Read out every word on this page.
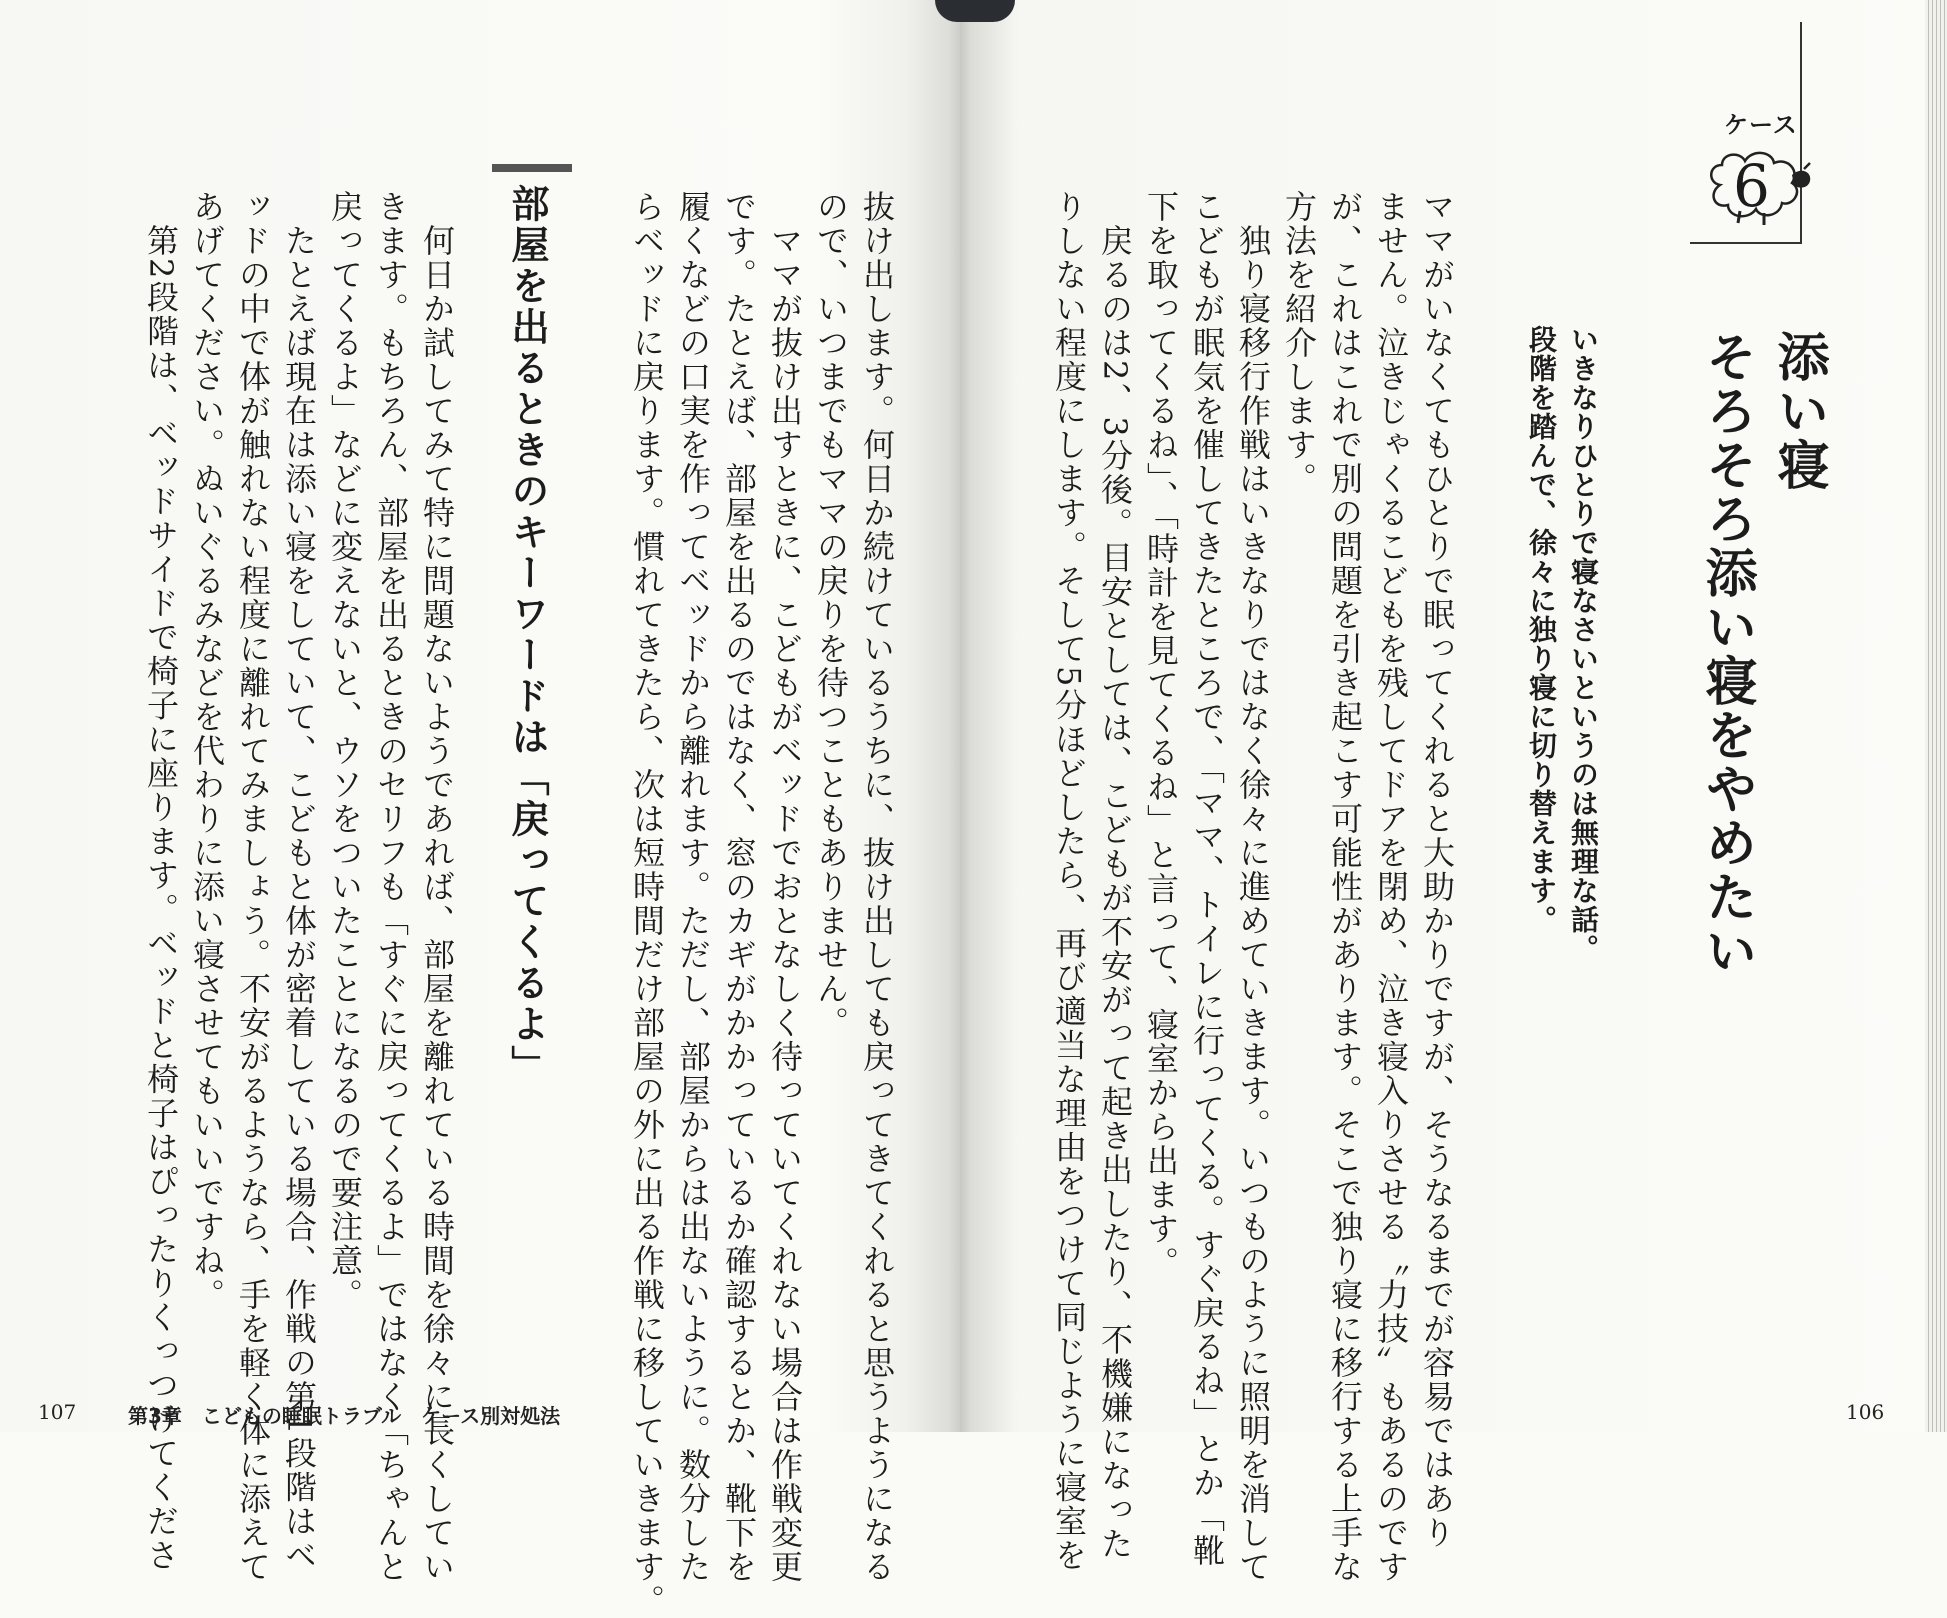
ケース
6
添い寝
そろそろ添い寝をやめたい
いきなりひとりで寝なさいというのは無理な話。
段階を踏んで、徐々に独り寝に切り替えます。
ママがいなくてもひとりで眠ってくれると大助かりですが、そうなるまでが容易ではあり
ません。泣きじゃくるこどもを残してドアを閉め、泣き寝入りさせる〝力技〟もあるのです
が、これはこれで別の問題を引き起こす可能性があります。そこで独り寝に移行する上手な
方法を紹介します。
　独り寝移行作戦はいきなりではなく徐々に進めていきます。いつものように照明を消して
こどもが眠気を催してきたところで、「ママ、トイレに行ってくる。すぐ戻るね」とか「靴
下を取ってくるね」、「時計を見てくるね」と言って、寝室から出ます。
　戻るのは2、3分後。目安としては、こどもが不安がって起き出したり、不機嫌になった
りしない程度にします。そして5分ほどしたら、再び適当な理由をつけて同じように寝室を
抜け出します。何日か続けているうちに、抜け出しても戻ってきてくれると思うようになる
ので、いつまでもママの戻りを待つこともありません。
　ママが抜け出すときに、こどもがベッドでおとなしく待っていてくれない場合は作戦変更
です。たとえば、部屋を出るのではなく、窓のカギがかかっているか確認するとか、靴下を
履くなどの口実を作ってベッドから離れます。ただし、部屋からは出ないように。数分した
らベッドに戻ります。慣れてきたら、次は短時間だけ部屋の外に出る作戦に移していきます。
部屋を出るときのキーワードは「戻ってくるよ」
　何日か試してみて特に問題ないようであれば、部屋を離れている時間を徐々に長くしてい
きます。もちろん、部屋を出るときのセリフも「すぐに戻ってくるよ」ではなく「ちゃんと
戻ってくるよ」などに変えないと、ウソをついたことになるので要注意。
　たとえば現在は添い寝をしていて、こどもと体が密着している場合、作戦の第1段階はベ
ッドの中で体が触れない程度に離れてみましょう。不安がるようなら、手を軽く体に添えて
あげてください。ぬいぐるみなどを代わりに添い寝させてもいいですね。
　第2段階は、ベッドサイドで椅子に座ります。ベッドと椅子はぴったりくっつけてくださ
107	第3章　こどもの睡眠トラブル　ケース別対処法	106
